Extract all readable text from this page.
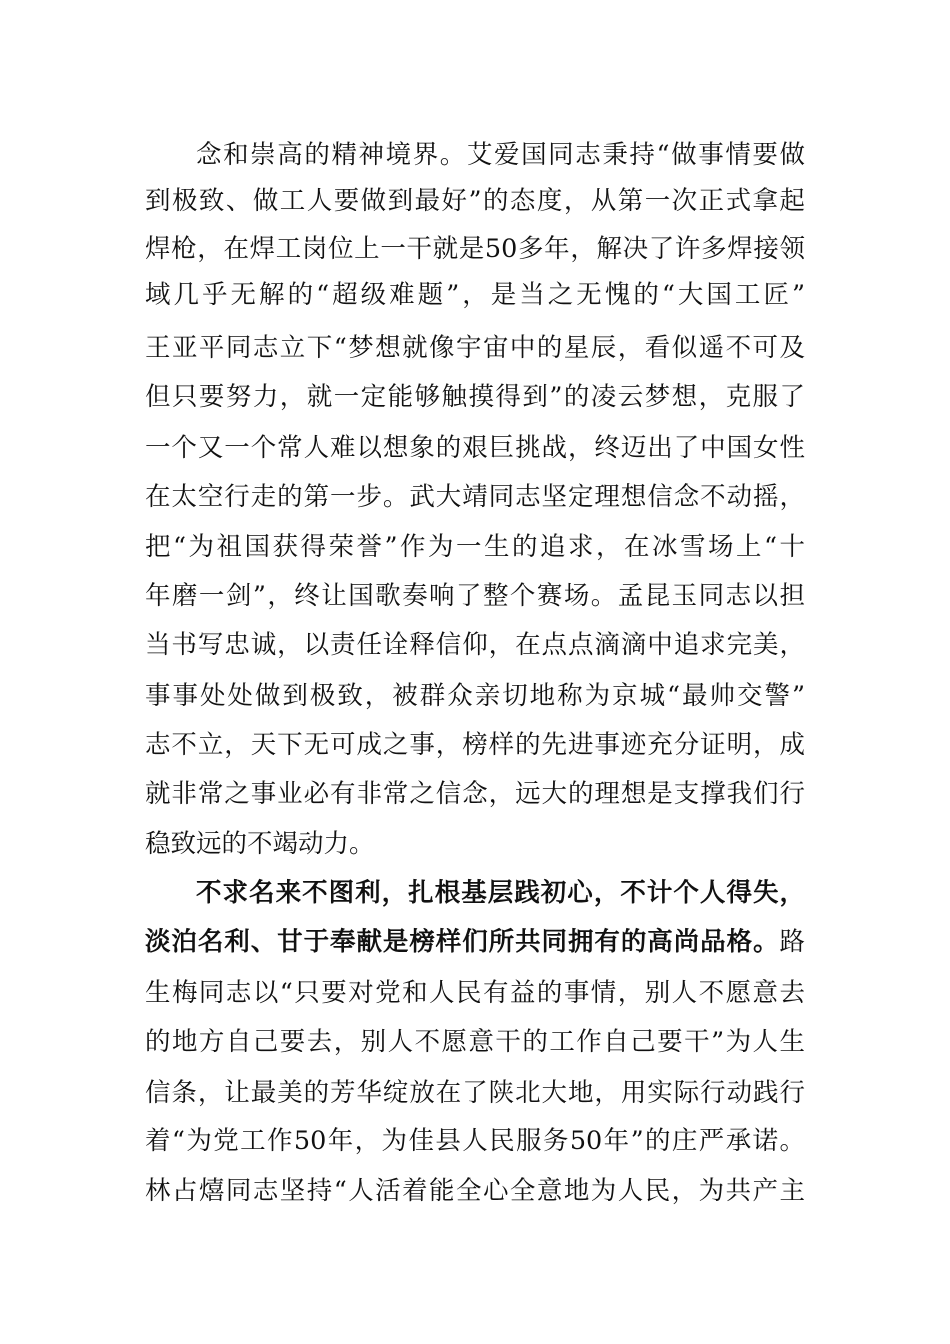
念和崇高的精神境界。艾爱国同志秉持“做事情要做
到极致、做工人要做到最好”的态度，从第一次正式拿起
焊枪，在焊工岗位上一干就是50多年，解决了许多焊接领
域几乎无解的“超级难题”，是当之无愧的“大国工匠”
王亚平同志立下“梦想就像宇宙中的星辰，看似遥不可及
但只要努力，就一定能够触摸得到”的凌云梦想，克服了
一个又一个常人难以想象的艰巨挑战，终迈出了中国女性
在太空行走的第一步。武大靖同志坚定理想信念不动摇，
把“为祖国获得荣誉”作为一生的追求，在冰雪场上“十
年磨一剑”，终让国歌奏响了整个赛场。孟昆玉同志以担
当书写忠诚，以责任诠释信仰，在点点滴滴中追求完美，
事事处处做到极致，被群众亲切地称为京城“最帅交警”
志不立，天下无可成之事，榜样的先进事迹充分证明，成
就非常之事业必有非常之信念，远大的理想是支撑我们行
稳致远的不竭动力。
不求名来不图利，扎根基层践初心，不计个人得失，
淡泊名利、甘于奉献是榜样们所共同拥有的高尚品格。路
生梅同志以“只要对党和人民有益的事情，别人不愿意去
的地方自己要去，别人不愿意干的工作自己要干”为人生
信条，让最美的芳华绽放在了陕北大地，用实际行动践行
着“为党工作50年，为佳县人民服务50年”的庄严承诺。
林占熺同志坚持“人活着能全心全意地为人民，为共产主
